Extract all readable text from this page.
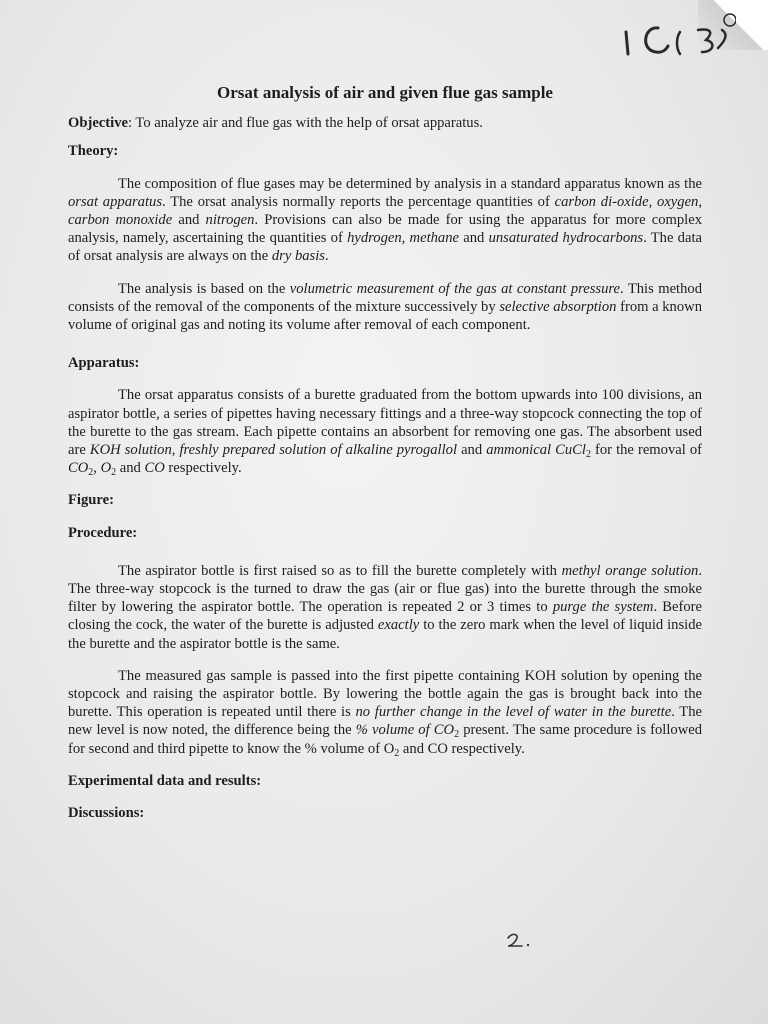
Orsat analysis of air and given flue gas sample

Objective: To analyze air and flue gas with the help of orsat apparatus.

Theory:

The composition of flue gases may be determined by analysis in a standard apparatus known as the orsat apparatus. The orsat analysis normally reports the percentage quantities of carbon di-oxide, oxygen, carbon monoxide and nitrogen. Provisions can also be made for using the apparatus for more complex analysis, namely, ascertaining the quantities of hydrogen, methane and unsaturated hydrocarbons. The data of orsat analysis are always on the dry basis.

The analysis is based on the volumetric measurement of the gas at constant pressure. This method consists of the removal of the components of the mixture successively by selective absorption from a known volume of original gas and noting its volume after removal of each component.

Apparatus:

The orsat apparatus consists of a burette graduated from the bottom upwards into 100 divisions, an aspirator bottle, a series of pipettes having necessary fittings and a three-way stopcock connecting the top of the burette to the gas stream. Each pipette contains an absorbent for removing one gas. The absorbent used are KOH solution, freshly prepared solution of alkaline pyrogallol and ammonical CuCl$_2$ for the removal of $CO_2$, $O_2$ and CO respectively.

Figure:

Procedure:

The aspirator bottle is first raised so as to fill the burette completely with methyl orange solution. The three-way stopcock is the turned to draw the gas (air or flue gas) into the burette through the smoke filter by lowering the aspirator bottle. The operation is repeated 2 or 3 times to purge the system. Before closing the cock, the water of the burette is adjusted exactly to the zero mark when the level of liquid inside the burette and the aspirator bottle is the same.

The measured gas sample is passed into the first pipette containing KOH solution by opening the stopcock and raising the aspirator bottle. By lowering the bottle again the gas is brought back into the burette. This operation is repeated until there is no further change in the level of water in the burette. The new level is now noted, the difference being the % volume of $CO_2$ present. The same procedure is followed for second and third pipette to know the % volume of $O_2$ and CO respectively.

Experimental data and results:

Discussions:
